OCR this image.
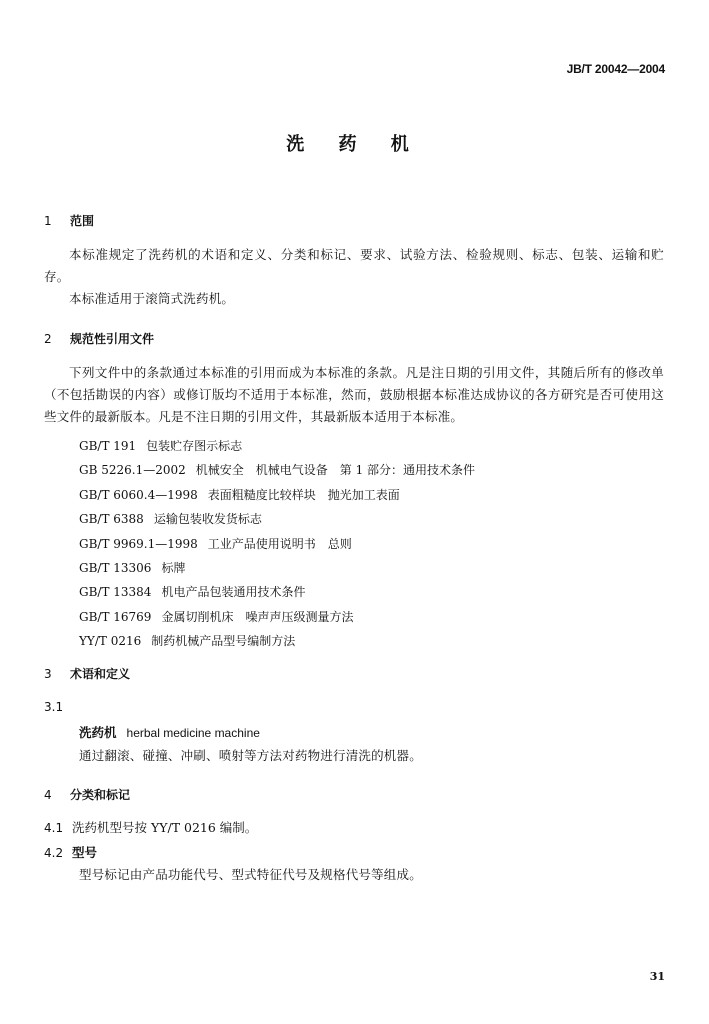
JB/T 20042—2004
洗 药 机
1 范围
本标准规定了洗药机的术语和定义、分类和标记、要求、试验方法、检验规则、标志、包装、运输和贮存。
本标准适用于滚筒式洗药机。
2 规范性引用文件
下列文件中的条款通过本标准的引用而成为本标准的条款。凡是注日期的引用文件，其随后所有的修改单（不包括勘误的内容）或修订版均不适用于本标准，然而，鼓励根据本标准达成协议的各方研究是否可使用这些文件的最新版本。凡是不注日期的引用文件，其最新版本适用于本标准。
GB/T 191 包装贮存图示标志
GB 5226.1—2002 机械安全　机械电气设备　第 1 部分：通用技术条件
GB/T 6060.4—1998 表面粗糙度比较样块　抛光加工表面
GB/T 6388 运输包装收发货标志
GB/T 9969.1—1998 工业产品使用说明书　总则
GB/T 13306 标牌
GB/T 13384 机电产品包装通用技术条件
GB/T 16769 金属切削机床　噪声声压级测量方法
YY/T 0216 制药机械产品型号编制方法
3 术语和定义
3.1
洗药机 herbal medicine machine
通过翻滚、碰撞、冲刷、喷射等方法对药物进行清洗的机器。
4 分类和标记
4.1 洗药机型号按 YY/T 0216 编制。
4.2 型号
型号标记由产品功能代号、型式特征代号及规格代号等组成。
31
